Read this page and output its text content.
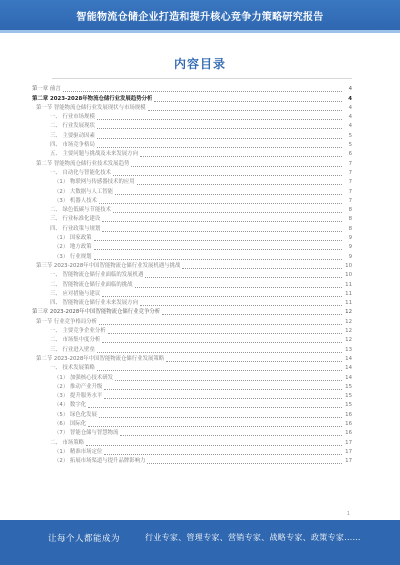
智能物流仓储企业打造和提升核心竞争力策略研究报告
内容目录
第一章 前言	4
第二章 2023-2028年物流仓储行业发展趋势分析	4
第一节 智能物流仓储行业发展现状与市场规模	4
一、 行业市场规模	4
二、 行业发展现状	4
三、 主要驱动因素	5
四、 市场竞争格局	5
五、 主要问题与挑战及未来发展方向	6
第二节 智能物流仓储行业技术发展趋势	7
一、 自动化与智能化技术	7
（1） 物联网与传感器技术的应用	7
（2） 大数据与人工智能	7
（3） 机器人技术	7
二、 绿色低碳与节能技术	8
三、 行业标准化建设	8
四、 行业政策与规划	8
（1） 国家政策	9
（2） 地方政策	9
（3） 行业规划	9
第三节 2023-2028年中国智能物流仓储行业发展机遇与挑战	10
一、 智能物流仓储行业面临的发展机遇	10
二、 智能物流仓储行业面临的挑战	11
三、 应对措施与建议	11
四、 智能物流仓储行业未来发展方向	11
第三章 2023-2028年中国智能物流仓储行业竞争分析	12
第一节 行业竞争格局分析	12
一、 主要竞争企业分析	12
二、 市场集中度分析	12
三、 行业进入壁垒	13
第二节 2023-2028年中国智能物流仓储行业发展策略	14
一、 技术发展策略	14
（1） 加强核心技术研发	14
（2） 推动产业升级	15
（3） 提升服务水平	15
（4） 数字化	15
（5） 绿色化发展	16
（6） 国际化	16
（7） 智能仓储与智慧物流	16
二、 市场策略	17
（1） 精准市场定位	17
（2） 拓展市场渠道与提升品牌影响力	17
1
让每个人都能成为	行业专家、管理专家、营销专家、战略专家、政策专家……
